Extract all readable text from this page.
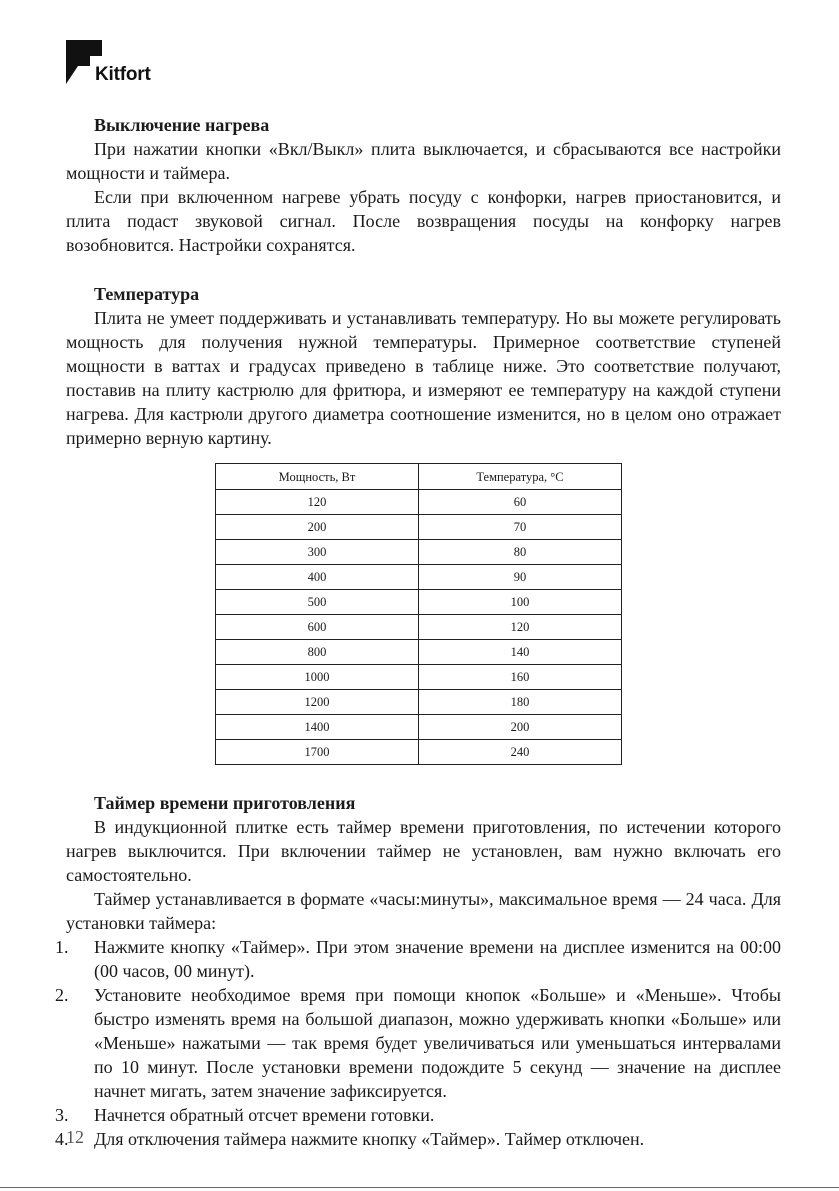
Kitfort
Выключение нагрева

При нажатии кнопки «Вкл/Выкл» плита выключается, и сбрасываются все настройки мощности и таймера.

Если при включенном нагреве убрать посуду с конфорки, нагрев приостановится, и плита подаст звуковой сигнал. После возвращения посуды на конфорку нагрев возобновится. Настройки сохранятся.

Температура

Плита не умеет поддерживать и устанавливать температуру. Но вы можете регулировать мощность для получения нужной температуры. Примерное соответствие ступеней мощности в ваттах и градусах приведено в таблице ниже. Это соответствие получают, поставив на плиту кастрюлю для фритюра, и измеряют ее температуру на каждой ступени нагрева. Для кастрюли другого диаметра соотношение изменится, но в целом оно отражает примерно верную картину.

Мощность, Вт	Температура, °C
120	60
200	70
300	80
400	90
500	100
600	120
800	140
1000	160
1200	180
1400	200
1700	240
Таймер времени приготовления

В индукционной плитке есть таймер времени приготовления, по истечении которого нагрев выключится. При включении таймер не установлен, вам нужно включать его самостоятельно.

Таймер устанавливается в формате «часы:минуты», максимальное время — 24 часа. Для установки таймера:

1.	Нажмите кнопку «Таймер». При этом значение времени на дисплее изменится на 00:00 (00 часов, 00 минут).
2.	Установите необходимое время при помощи кнопок «Больше» и «Меньше». Чтобы быстро изменять время на большой диапазон, можно удерживать кнопки «Больше» или «Меньше» нажатыми — так время будет увеличиваться или уменьшаться интервалами по 10 минут. После установки времени подождите 5 секунд — значение на дисплее начнет мигать, затем значение зафиксируется.
3.	Начнется обратный отсчет времени готовки.
4.	Для отключения таймера нажмите кнопку «Таймер». Таймер отключен.
12
